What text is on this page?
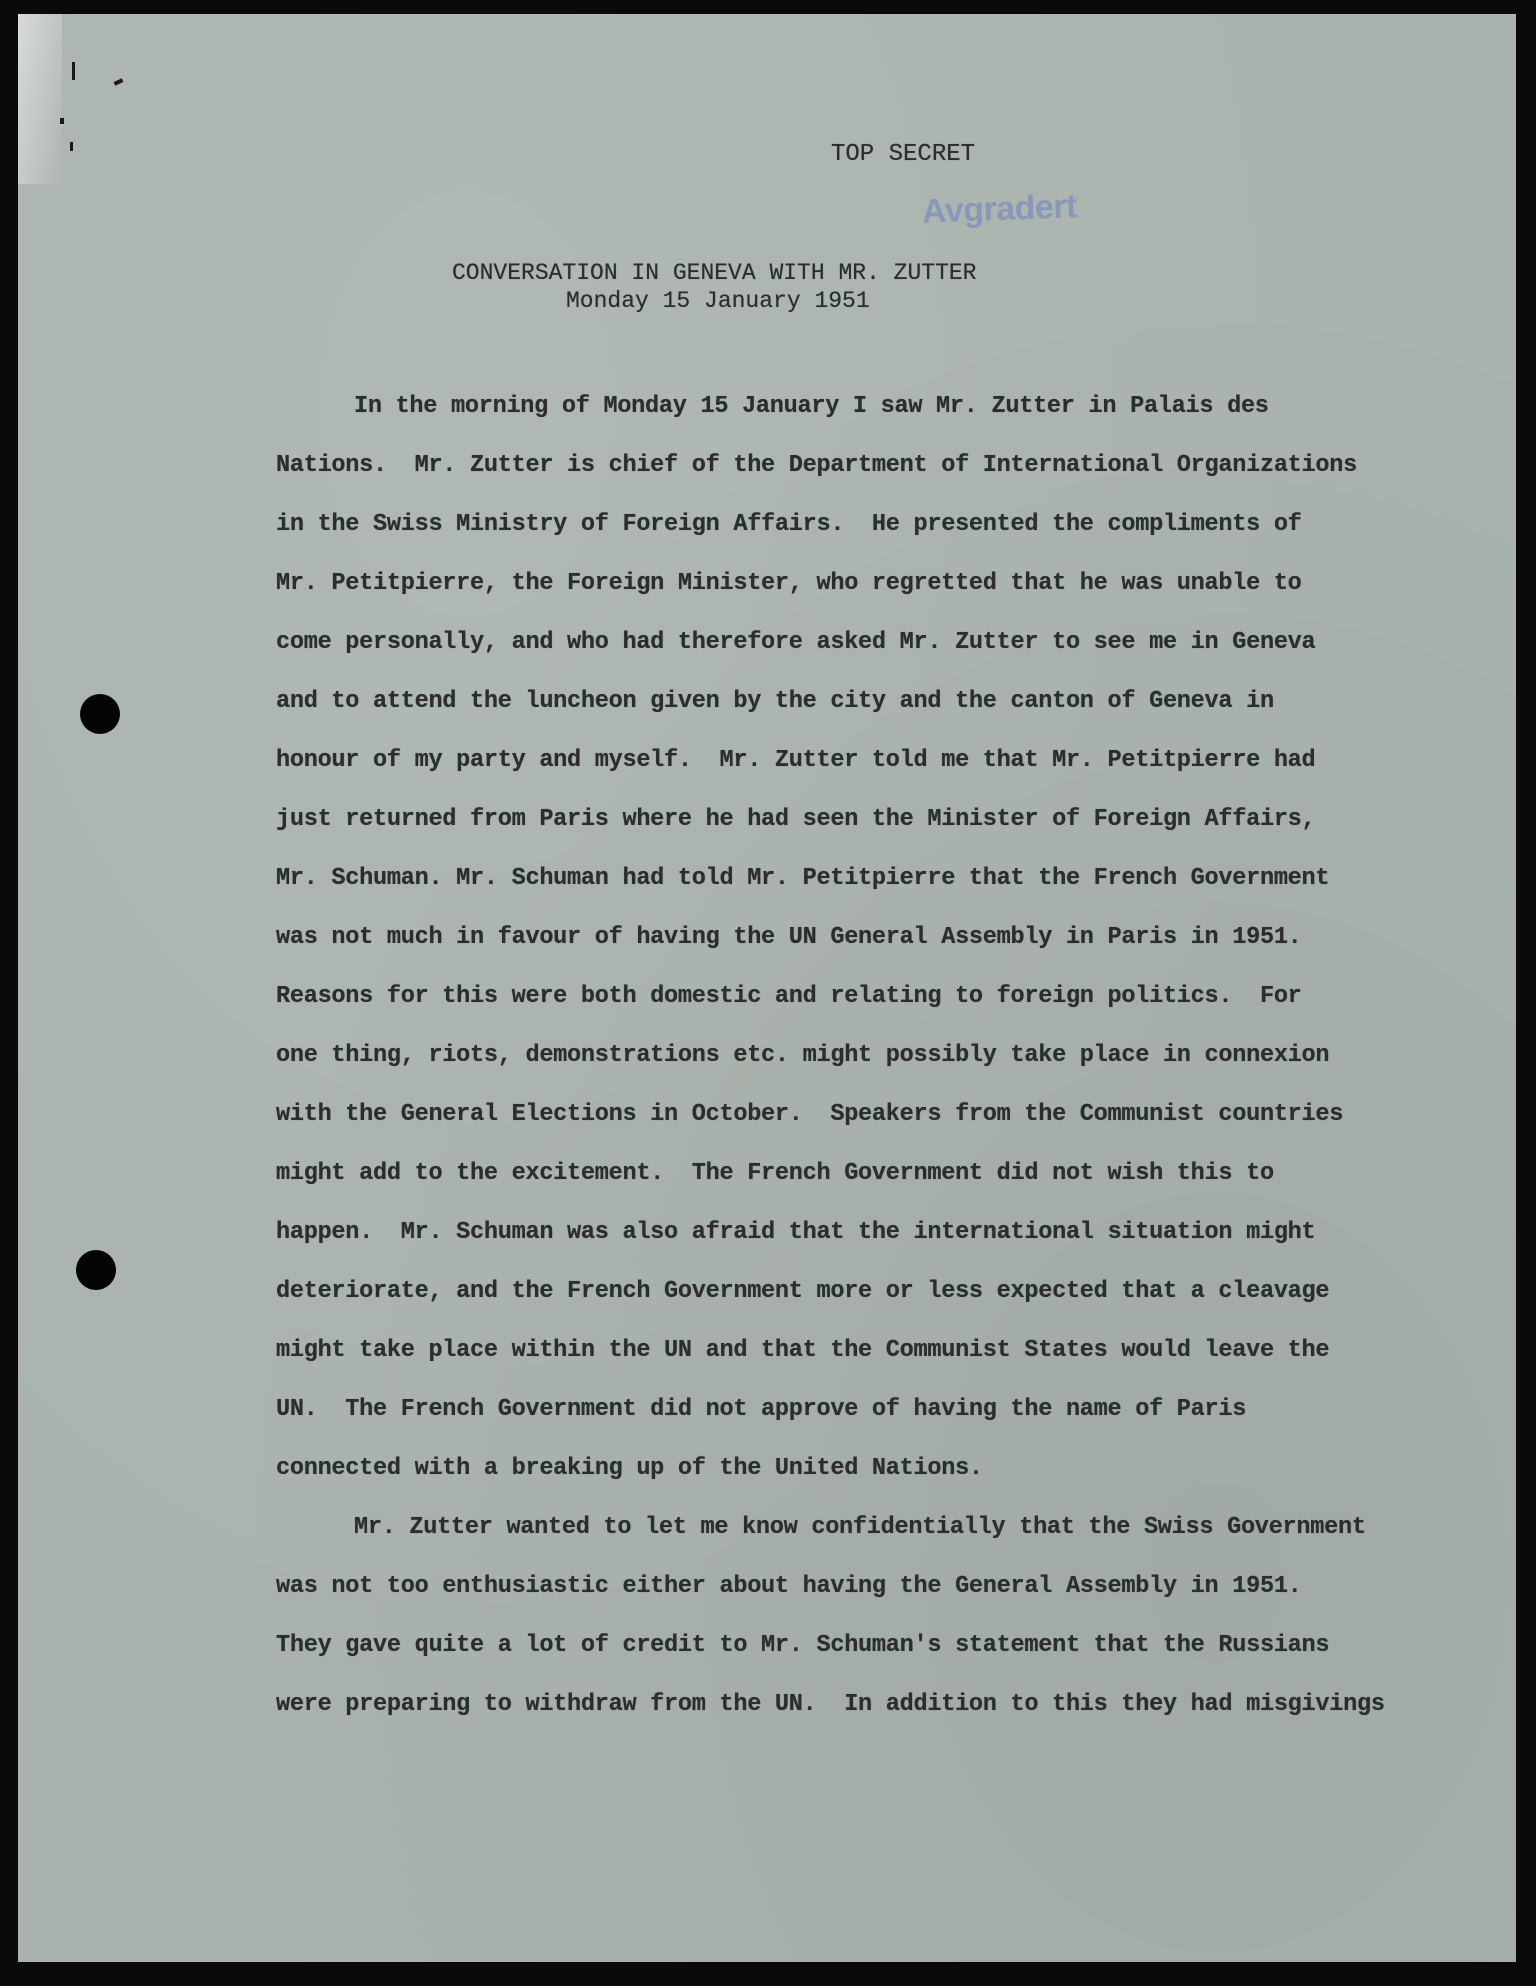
TOP SECRET
Avgradert
CONVERSATION IN GENEVA WITH MR. ZUTTER
Monday 15 January 1951
In the morning of Monday 15 January I saw Mr. Zutter in Palais des
Nations.  Mr. Zutter is chief of the Department of International Organizations
in the Swiss Ministry of Foreign Affairs.  He presented the compliments of
Mr. Petitpierre, the Foreign Minister, who regretted that he was unable to
come personally, and who had therefore asked Mr. Zutter to see me in Geneva
and to attend the luncheon given by the city and the canton of Geneva in
honour of my party and myself.  Mr. Zutter told me that Mr. Petitpierre had
just returned from Paris where he had seen the Minister of Foreign Affairs,
Mr. Schuman. Mr. Schuman had told Mr. Petitpierre that the French Government
was not much in favour of having the UN General Assembly in Paris in 1951.
Reasons for this were both domestic and relating to foreign politics.  For
one thing, riots, demonstrations etc. might possibly take place in connexion
with the General Elections in October.  Speakers from the Communist countries
might add to the excitement.  The French Government did not wish this to
happen.  Mr. Schuman was also afraid that the international situation might
deteriorate, and the French Government more or less expected that a cleavage
might take place within the UN and that the Communist States would leave the
UN.  The French Government did not approve of having the name of Paris
connected with a breaking up of the United Nations.
Mr. Zutter wanted to let me know confidentially that the Swiss Government
was not too enthusiastic either about having the General Assembly in 1951.
They gave quite a lot of credit to Mr. Schuman's statement that the Russians
were preparing to withdraw from the UN.  In addition to this they had misgivings
